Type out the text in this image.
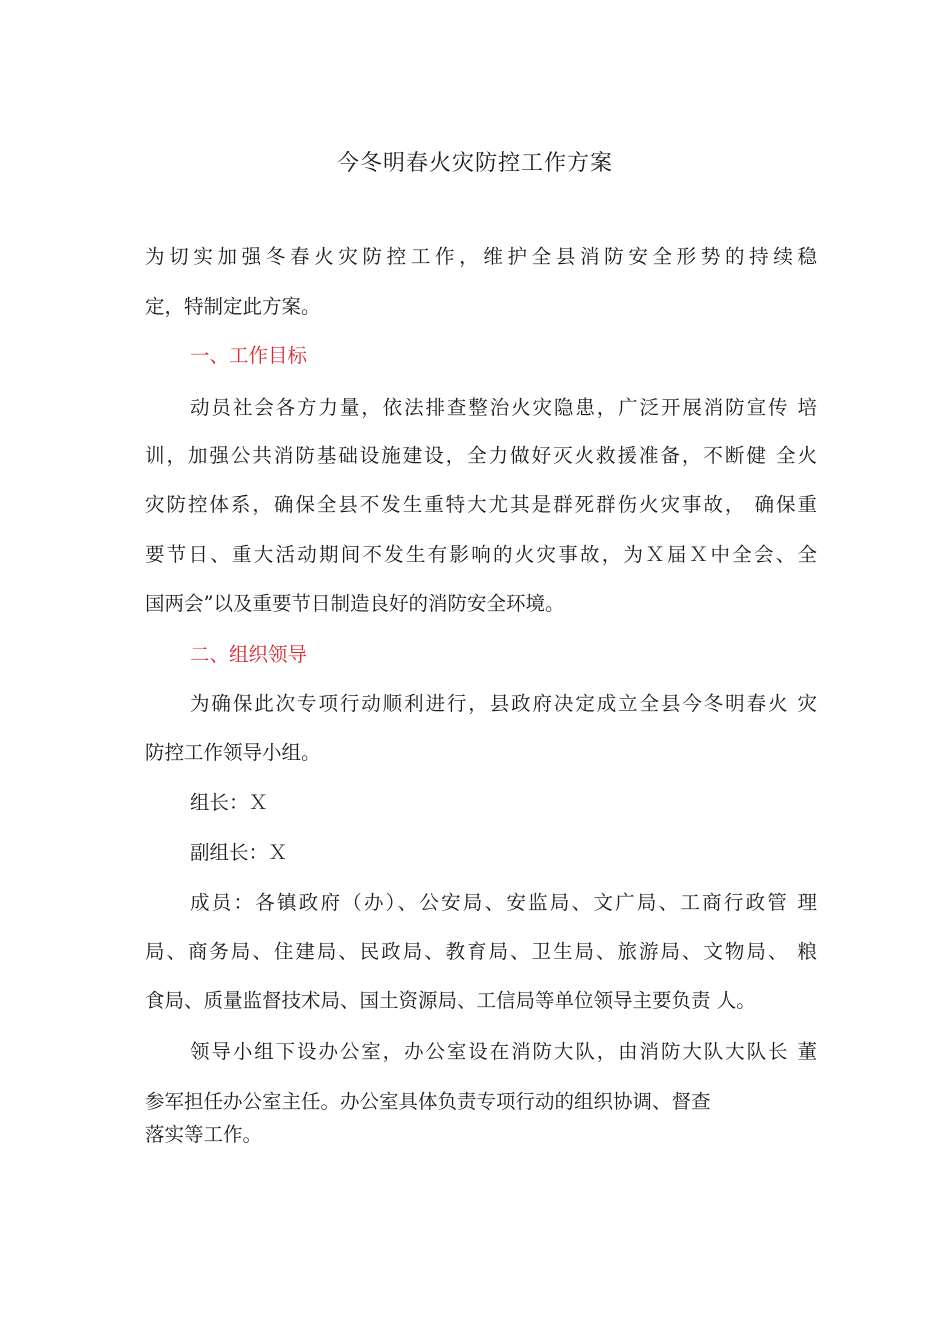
今冬明春火灾防控工作方案
为切实加强冬春火灾防控工作，维护全县消防安全形势的持续稳
定，特制定此方案。
一、工作目标
动员社会各方力量，依法排查整治火灾隐患，广泛开展消防宣传 培
训，加强公共消防基础设施建设，全力做好灭火救援准备，不断健 全火
灾防控体系，确保全县不发生重特大尤其是群死群伤火灾事故， 确保重
要节日、重大活动期间不发生有影响的火灾事故，为Ｘ届Ｘ中全会、全
国两会”以及重要节日制造良好的消防安全环境。
二、组织领导
为确保此次专项行动顺利进行，县政府决定成立全县今冬明春火 灾
防控工作领导小组。
组长：Ｘ
副组长：Ｘ
成员：各镇政府（办）、公安局、安监局、文广局、工商行政管 理
局、商务局、住建局、民政局、教育局、卫生局、旅游局、文物局、 粮
食局、质量监督技术局、国土资源局、工信局等单位领导主要负责 人。
领导小组下设办公室，办公室设在消防大队，由消防大队大队长 董
参军担任办公室主任。办公室具体负责专项行动的组织协调、督查
落实等工作。
